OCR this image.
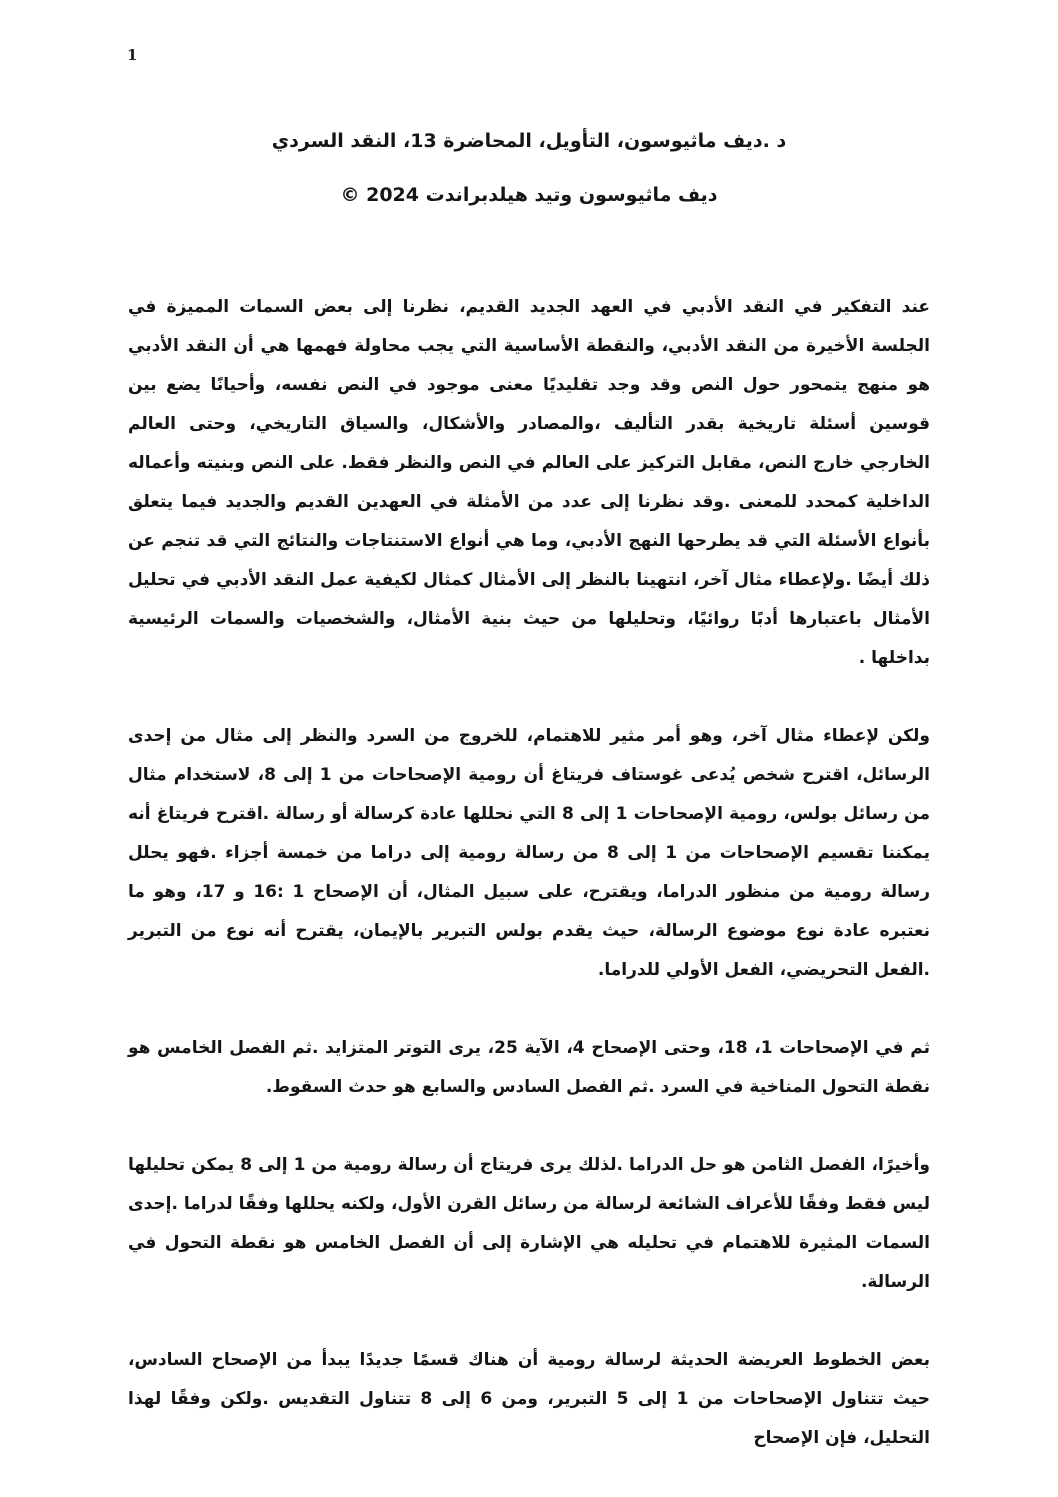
1
د .ديف ماثيوسون، التأويل، المحاضرة 13، النقد السردي
ديف ماثيوسون وتيد هيلدبراندت 2024 ©

عند التفكير في النقد الأدبي في العهد الجديد القديم، نظرنا إلى بعض السمات المميزة في الجلسة الأخيرة من النقد الأدبي، والنقطة الأساسية التي يجب محاولة فهمها هي أن النقد الأدبي هو منهج يتمحور حول النص وقد وجد تقليديًا معنى موجود في النص نفسه، وأحيانًا يضع بين قوسين أسئلة تاريخية بقدر التأليف ،والمصادر والأشكال، والسياق التاريخي، وحتى العالم الخارجي خارج النص، مقابل التركيز على العالم في النص والنظر فقط. على النص وبنيته وأعماله الداخلية كمحدد للمعنى .وقد نظرنا إلى عدد من الأمثلة في العهدين القديم والجديد فيما يتعلق بأنواع الأسئلة التي قد يطرحها النهج الأدبي، وما هي أنواع الاستنتاجات والنتائج التي قد تنجم عن ذلك أيضًا .ولإعطاء مثال آخر، انتهينا بالنظر إلى الأمثال كمثال لكيفية عمل النقد الأدبي في تحليل الأمثال باعتبارها أدبًا روائيًا، وتحليلها من حيث بنية الأمثال، والشخصيات والسمات الرئيسية بداخلها .

ولكن لإعطاء مثال آخر، وهو أمر مثير للاهتمام، للخروج من السرد والنظر إلى مثال من إحدى الرسائل، اقترح شخص يُدعى غوستاف فريتاغ أن رومية الإصحاحات من 1 إلى 8، لاستخدام مثال من رسائل بولس، رومية الإصحاحات 1 إلى 8 التي نحللها عادة كرسالة أو رسالة .اقترح فريتاغ أنه يمكننا تقسيم الإصحاحات من 1 إلى 8 من رسالة رومية إلى دراما من خمسة أجزاء .فهو يحلل رسالة رومية من منظور الدراما، ويقترح، على سبيل المثال، أن الإصحاح 1 :16 و 17، وهو ما نعتبره عادة نوع موضوع الرسالة، حيث يقدم بولس التبرير بالإيمان، يقترح أنه نوع من التبرير .الفعل التحريضي، الفعل الأولي للدراما.

ثم في الإصحاحات 1، 18، وحتى الإصحاح 4، الآية 25، يرى التوتر المتزايد .ثم الفصل الخامس هو نقطة التحول المناخية في السرد .ثم الفصل السادس والسابع هو حدث السقوط.

وأخيرًا، الفصل الثامن هو حل الدراما .لذلك يرى فريتاج أن رسالة رومية من 1 إلى 8 يمكن تحليلها ليس فقط وفقًا للأعراف الشائعة لرسالة من رسائل القرن الأول، ولكنه يحللها وفقًا لدراما .إحدى السمات المثيرة للاهتمام في تحليله هي الإشارة إلى أن الفصل الخامس هو نقطة التحول في الرسالة.

بعض الخطوط العريضة الحديثة لرسالة رومية أن هناك قسمًا جديدًا يبدأ من الإصحاح السادس، حيث تتناول الإصحاحات من 1 إلى 5 التبرير، ومن 6 إلى 8 تتناول التقديس .ولكن وفقًا لهذا التحليل، فإن الإصحاح
